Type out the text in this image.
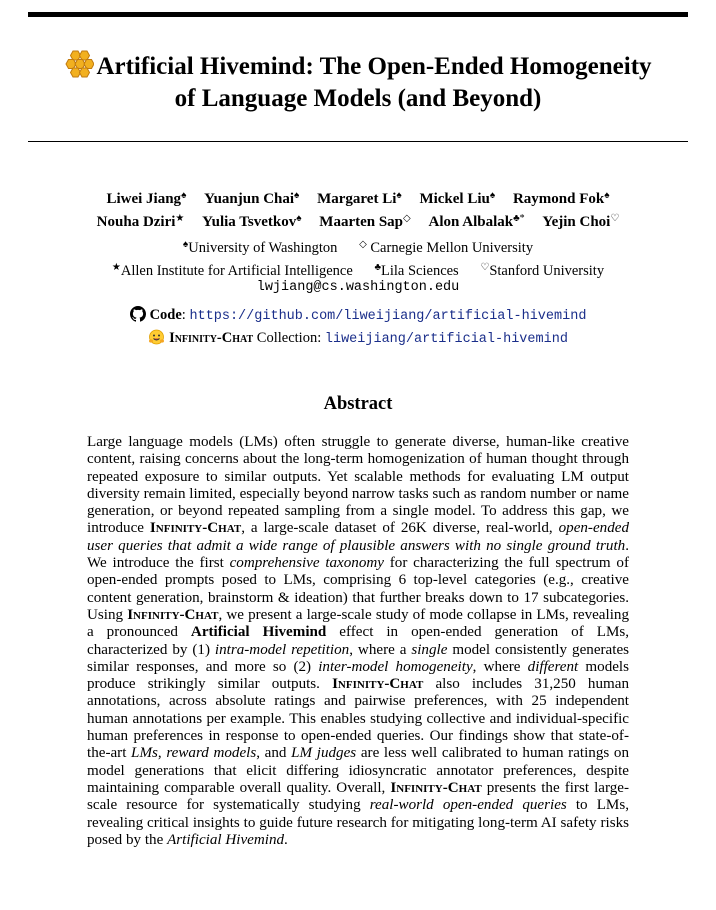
Artificial Hivemind: The Open-Ended Homogeneity
of Language Models (and Beyond)
Liwei Jiang♠ Yuanjun Chai♠ Margaret Li♠ Mickel Liu♠ Raymond Fok♠
Nouha Dziri★ Yulia Tsvetkov♠ Maarten Sap◇ Alon Albalak♣* Yejin Choi♡
♠University of Washington ◇ Carnegie Mellon University
★Allen Institute for Artificial Intelligence ♣Lila Sciences ♡Stanford University
lwjiang@cs.washington.edu
Code: https://github.com/liweijiang/artificial-hivemind
Infinity-Chat Collection: liweijiang/artificial-hivemind
Abstract

Large language models (LMs) often struggle to generate diverse, human-like creative content, raising concerns about the long-term homogenization of human thought through repeated exposure to similar outputs. Yet scalable methods for evaluating LM output diversity remain limited, especially beyond narrow tasks such as random number or name generation, or beyond repeated sampling from a single model. To address this gap, we introduce Infinity-Chat, a large-scale dataset of 26K diverse, real-world, open-ended user queries that admit a wide range of plausible answers with no single ground truth. We introduce the first comprehensive taxonomy for characterizing the full spectrum of open-ended prompts posed to LMs, comprising 6 top-level categories (e.g., creative content generation, brainstorm & ideation) that further breaks down to 17 subcategories. Using Infinity-Chat, we present a large-scale study of mode collapse in LMs, revealing a pronounced Artificial Hivemind effect in open-ended generation of LMs, characterized by (1) intra-model repetition, where a single model consistently generates similar responses, and more so (2) inter-model homogeneity, where different models produce strikingly similar outputs. Infinity-Chat also includes 31,250 human annotations, across absolute ratings and pairwise preferences, with 25 independent human annotations per example. This enables studying collective and individual-specific human preferences in response to open-ended queries. Our findings show that state-of-the-art LMs, reward models, and LM judges are less well calibrated to human ratings on model generations that elicit differing idiosyncratic annotator preferences, despite maintaining comparable overall quality. Overall, Infinity-Chat presents the first large-scale resource for systematically studying real-world open-ended queries to LMs, revealing critical insights to guide future research for mitigating long-term AI safety risks posed by the Artificial Hivemind.
